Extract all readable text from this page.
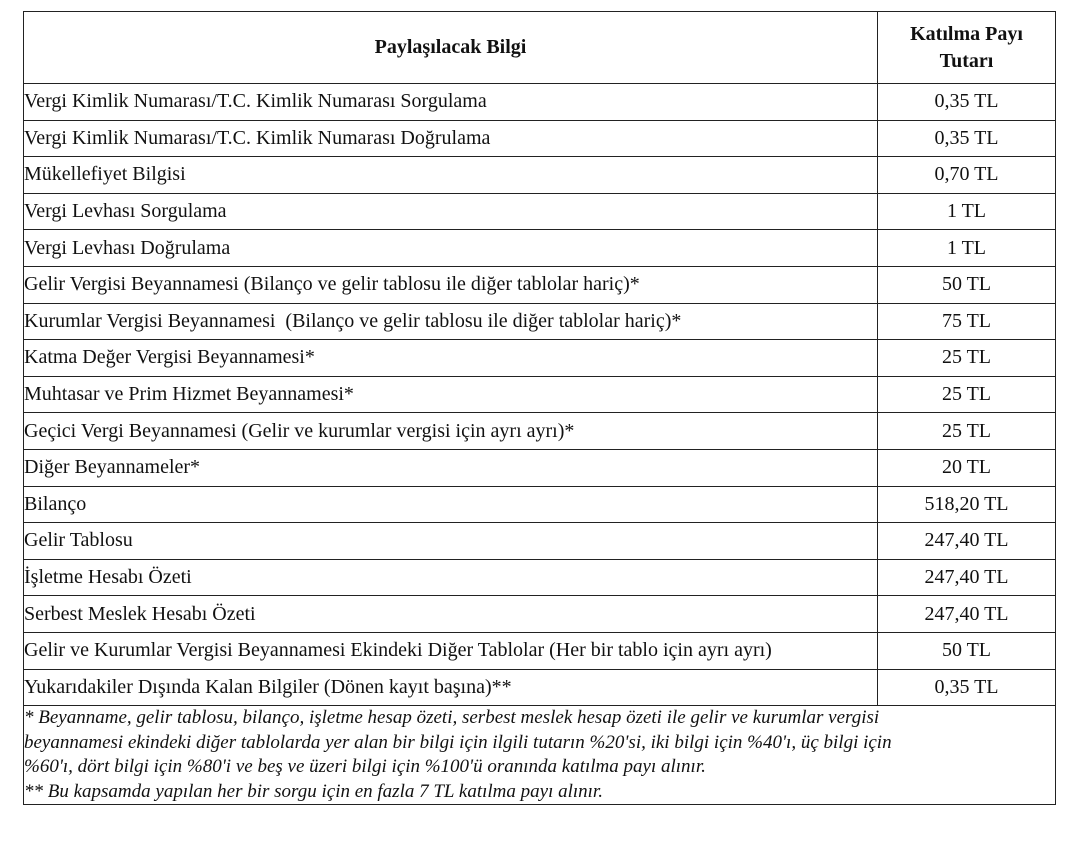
Paylaşılacak Bilgi	Katılma Payı
Tutarı
Vergi Kimlik Numarası/T.C. Kimlik Numarası Sorgulama	0,35 TL
Vergi Kimlik Numarası/T.C. Kimlik Numarası Doğrulama	0,35 TL
Mükellefiyet Bilgisi	0,70 TL
Vergi Levhası Sorgulama	1 TL
Vergi Levhası Doğrulama	1 TL
Gelir Vergisi Beyannamesi (Bilanço ve gelir tablosu ile diğer tablolar hariç)*	50 TL
Kurumlar Vergisi Beyannamesi  (Bilanço ve gelir tablosu ile diğer tablolar hariç)*	75 TL
Katma Değer Vergisi Beyannamesi*	25 TL
Muhtasar ve Prim Hizmet Beyannamesi*	25 TL
Geçici Vergi Beyannamesi (Gelir ve kurumlar vergisi için ayrı ayrı)*	25 TL
Diğer Beyannameler*	20 TL
Bilanço	518,20 TL
Gelir Tablosu	247,40 TL
İşletme Hesabı Özeti	247,40 TL
Serbest Meslek Hesabı Özeti	247,40 TL
Gelir ve Kurumlar Vergisi Beyannamesi Ekindeki Diğer Tablolar (Her bir tablo için ayrı ayrı)	50 TL
Yukarıdakiler Dışında Kalan Bilgiler (Dönen kayıt başına)**	0,35 TL

* Beyanname, gelir tablosu, bilanço, işletme hesap özeti, serbest meslek hesap özeti ile gelir ve kurumlar vergisi
beyannamesi ekindeki diğer tablolarda yer alan bir bilgi için ilgili tutarın %20'si, iki bilgi için %40'ı, üç bilgi için
%60'ı, dört bilgi için %80'i ve beş ve üzeri bilgi için %100'ü oranında katılma payı alınır.
** Bu kapsamda yapılan her bir sorgu için en fazla 7 TL katılma payı alınır.	
